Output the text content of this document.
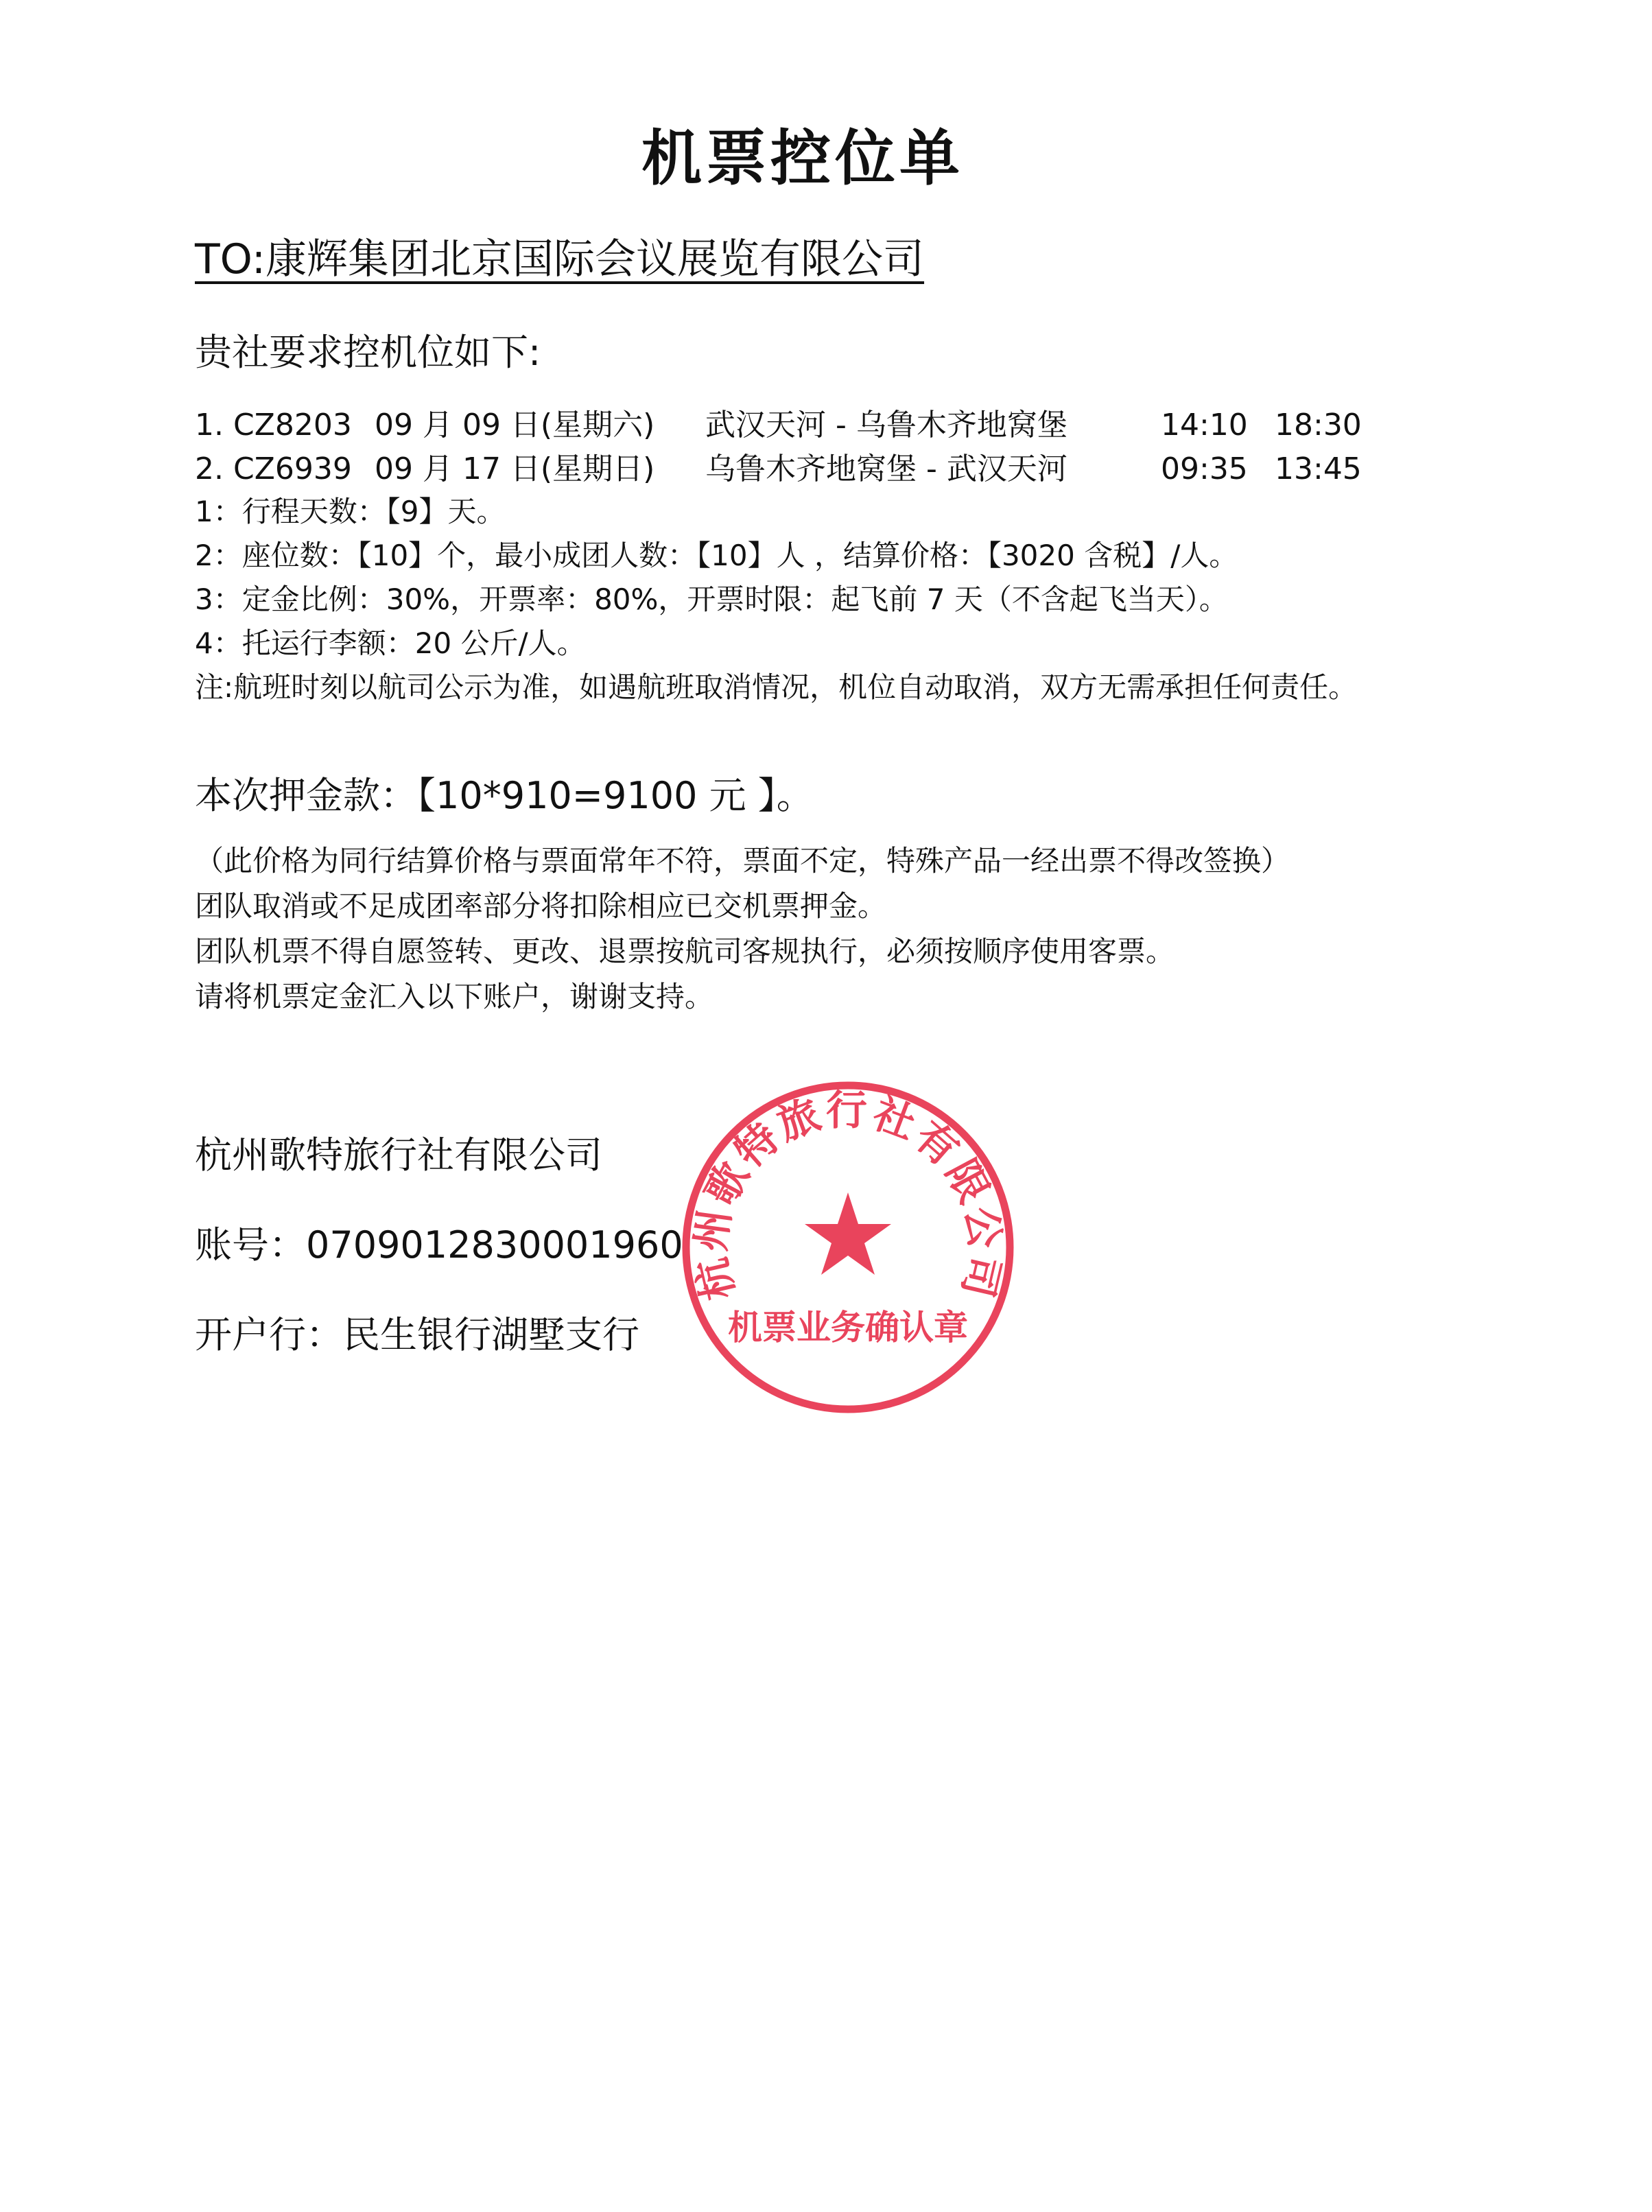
机票控位单
TO:康辉集团北京国际会议展览有限公司
贵社要求控机位如下:
1. CZ8203 09 月 09 日(星期六) 武汉天河 - 乌鲁木齐地窝堡	14:10 18:30
2. CZ6939 09 月 17 日(星期日) 乌鲁木齐地窝堡 - 武汉天河	09:35 13:45

1：行程天数：【9】天。

2：座位数：【10】个，最小成团人数：【10】人 ，结算价格：【3020 含税】/人。

3：定金比例：30%，开票率：80%，开票时限：起飞前 7 天（不含起飞当天）。

4：托运行李额：20 公斤/人。

注:航班时刻以航司公示为准，如遇航班取消情况，机位自动取消，双方无需承担任何责任。

本次押金款：【10*910=9100 元 】。

（此价格为同行结算价格与票面常年不符，票面不定，特殊产品一经出票不得改签换）

团队取消或不足成团率部分将扣除相应已交机票押金。

团队机票不得自愿签转、更改、退票按航司客规执行，必须按顺序使用客票。

请将机票定金汇入以下账户，谢谢支持。

杭州歌特旅行社有限公司

账号：0709012830001960

开户行：民生银行湖墅支行

杭州歌特旅行社有限公司
机票业务确认章
